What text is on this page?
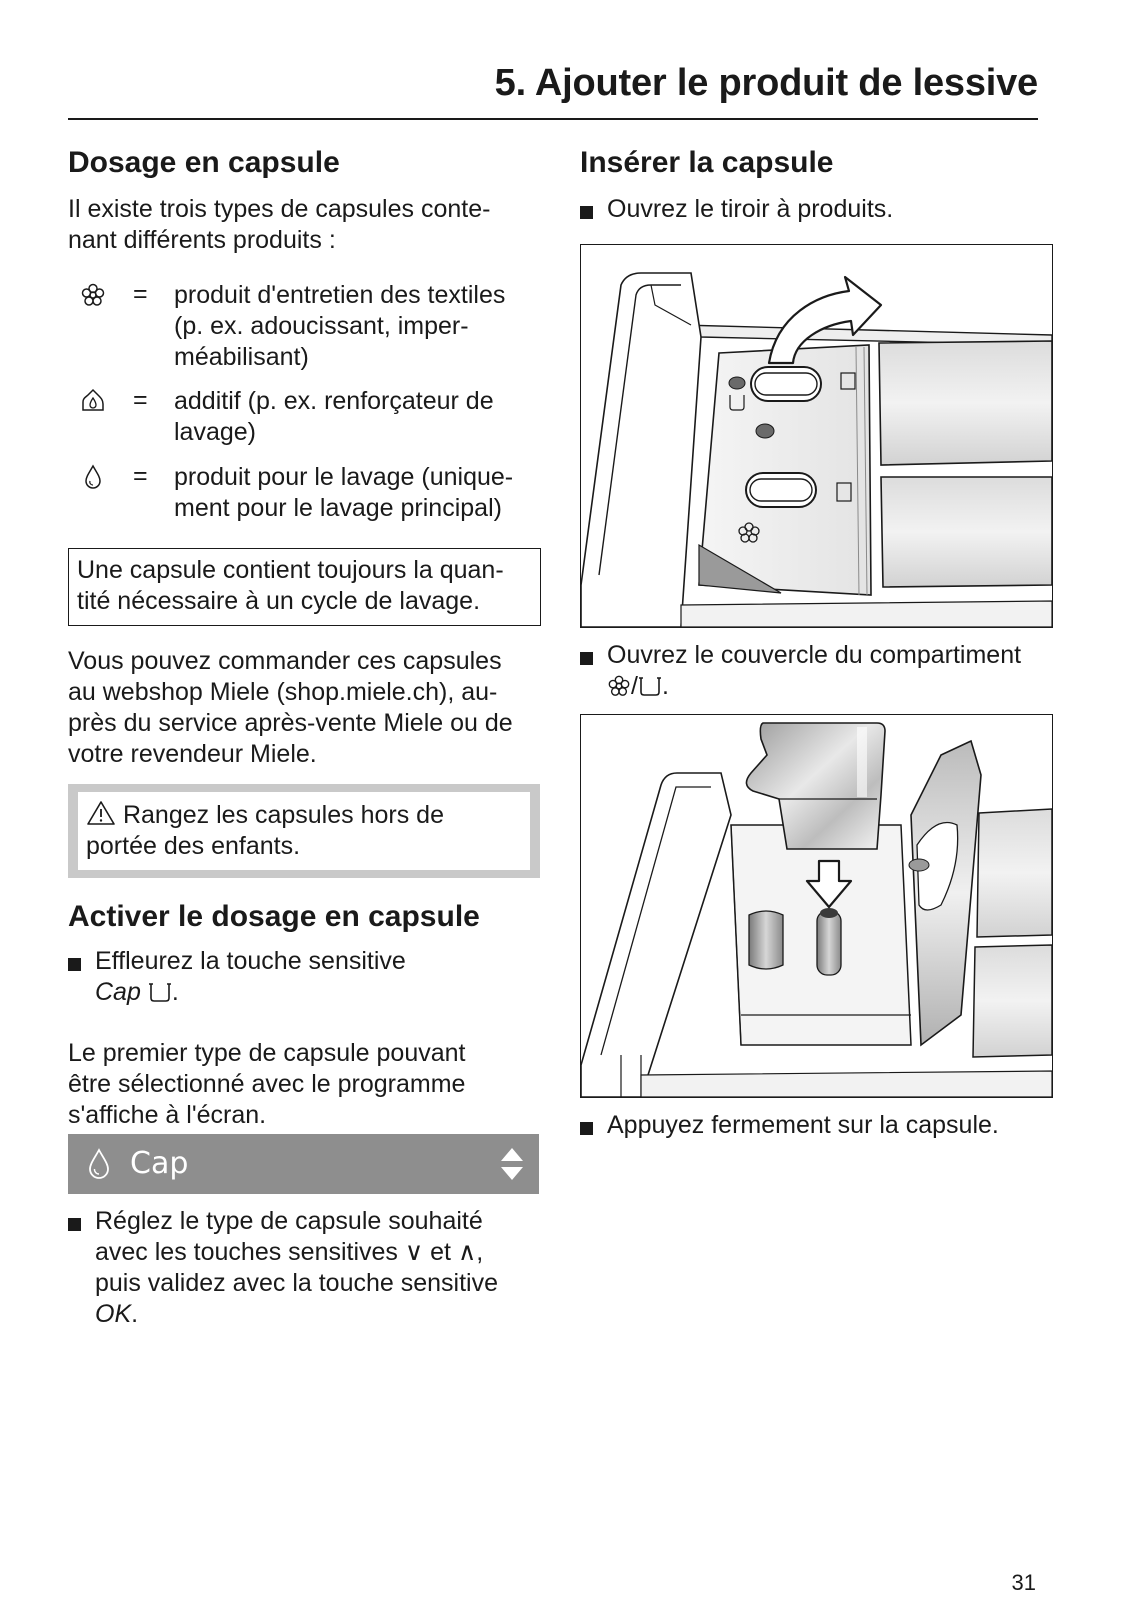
5. Ajouter le produit de lessive
Dosage en capsule
Il existe trois types de capsules conte-
nant différents produits :
= produit d'entretien des textiles
(p. ex. adoucissant, imper-
méabilisant)
= additif (p. ex. renforçateur de
lavage)
= produit pour le lavage (unique-
ment pour le lavage principal)
Une capsule contient toujours la quan-
tité nécessaire à un cycle de lavage.
Vous pouvez commander ces capsules
au webshop Miele (shop.miele.ch), au-
près du service après-vente Miele ou de
votre revendeur Miele.
Rangez les capsules hors de
portée des enfants.
Activer le dosage en capsule
Effleurez la touche sensitive
Cap .
Le premier type de capsule pouvant
être sélectionné avec le programme
s'affiche à l'écran.
Cap
Réglez le type de capsule souhaité
avec les touches sensitives ∨ et ∧,
puis validez avec la touche sensitive
OK.
Insérer la capsule
Ouvrez le tiroir à produits.
Ouvrez le couvercle du compartiment
/ .
Appuyez fermement sur la capsule.
31
